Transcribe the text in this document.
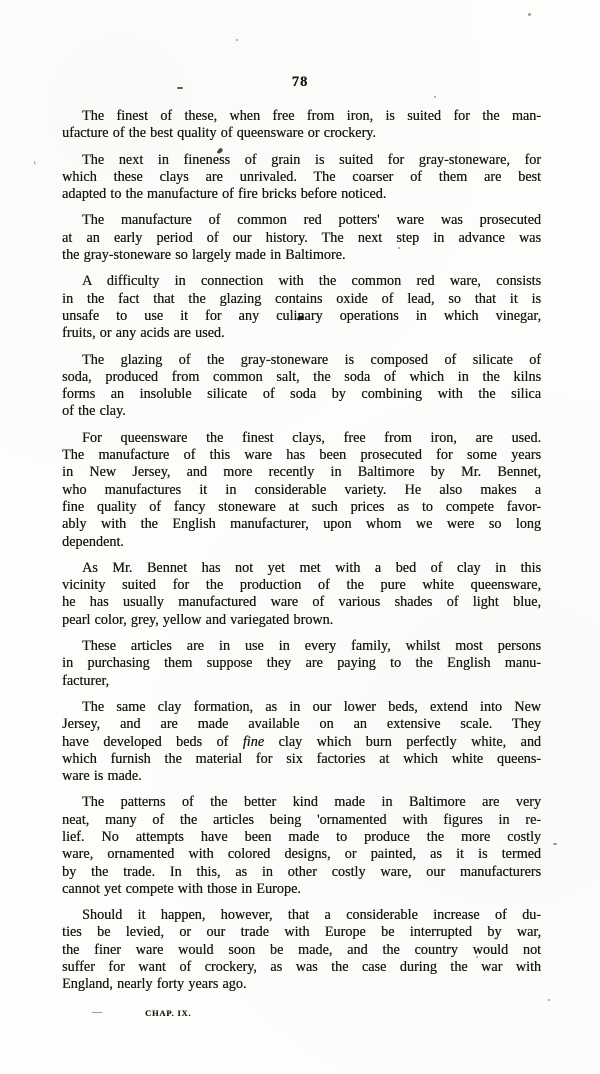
78
‹
The finest of these, when free from iron, is suited for the man-
ufacture of the best quality of queensware or crockery.
The next in fineness of grain is suited for gray-stoneware, for
which these clays are unrivaled. The coarser of them are best
adapted to the manufacture of fire bricks before noticed.
The manufacture of common red potters' ware was prosecuted
at an early period of our history. The next step in advance was
the gray-stoneware so largely made in Baltimore.
A difficulty in connection with the common red ware, consists
in the fact that the glazing contains oxide of lead, so that it is
unsafe to use it for any culinary operations in which vinegar,
fruits, or any acids are used.
The glazing of the gray-stoneware is composed of silicate of
soda, produced from common salt, the soda of which in the kilns
forms an insoluble silicate of soda by combining with the silica
of the clay.
For queensware the finest clays, free from iron, are used.
The manufacture of this ware has been prosecuted for some years
in New Jersey, and more recently in Baltimore by Mr. Bennet,
who manufactures it in considerable variety. He also makes a
fine quality of fancy stoneware at such prices as to compete favor-
ably with the English manufacturer, upon whom we were so long
dependent.
As Mr. Bennet has not yet met with a bed of clay in this
vicinity suited for the production of the pure white queensware,
he has usually manufactured ware of various shades of light blue,
pearl color, grey, yellow and variegated brown.
These articles are in use in every family, whilst most persons
in purchasing them suppose they are paying to the English manu-
facturer,
The same clay formation, as in our lower beds, extend into New
Jersey, and are made available on an extensive scale. They
have developed beds of fine clay which burn perfectly white, and
which furnish the material for six factories at which white queens-
ware is made.
The patterns of the better kind made in Baltimore are very
neat, many of the articles being 'ornamented with figures in re-
lief. No attempts have been made to produce the more costly
ware, ornamented with colored designs, or painted, as it is termed
by the trade. In this, as in other costly ware, our manufacturers
cannot yet compete with those in Europe.
Should it happen, however, that a considerable increase of du-
ties be levied, or our trade with Europe be interrupted by war,
the finer ware would soon be made, and the country would not
suffer for want of crockery, as was the case during the war with
England, nearly forty years ago.
—	CHAP. IX.
